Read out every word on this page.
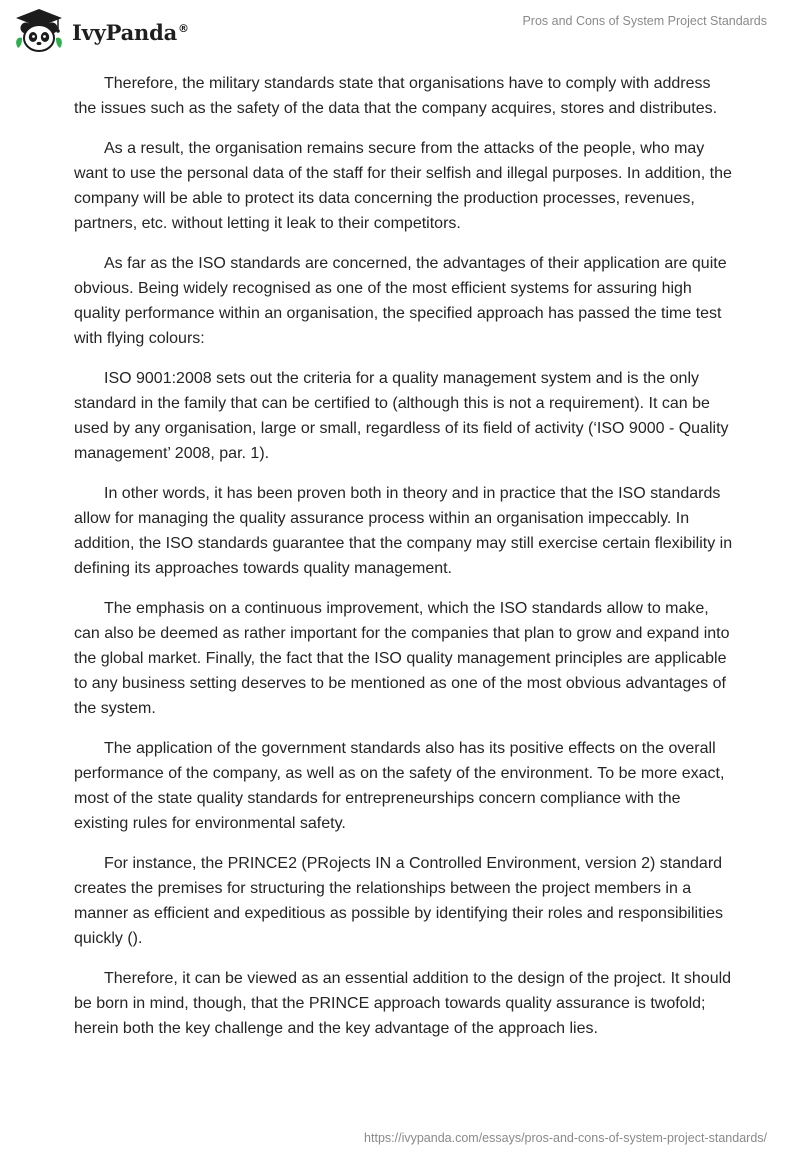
IvyPanda®	Pros and Cons of System Project Standards

Therefore, the military standards state that organisations have to comply with address the issues such as the safety of the data that the company acquires, stores and distributes.

As a result, the organisation remains secure from the attacks of the people, who may want to use the personal data of the staff for their selfish and illegal purposes. In addition, the company will be able to protect its data concerning the production processes, revenues, partners, etc. without letting it leak to their competitors.

As far as the ISO standards are concerned, the advantages of their application are quite obvious. Being widely recognised as one of the most efficient systems for assuring high quality performance within an organisation, the specified approach has passed the time test with flying colours:

ISO 9001:2008 sets out the criteria for a quality management system and is the only standard in the family that can be certified to (although this is not a requirement). It can be used by any organisation, large or small, regardless of its field of activity (‘ISO 9000 - Quality management’ 2008, par. 1).

In other words, it has been proven both in theory and in practice that the ISO standards allow for managing the quality assurance process within an organisation impeccably. In addition, the ISO standards guarantee that the company may still exercise certain flexibility in defining its approaches towards quality management.

The emphasis on a continuous improvement, which the ISO standards allow to make, can also be deemed as rather important for the companies that plan to grow and expand into the global market. Finally, the fact that the ISO quality management principles are applicable to any business setting deserves to be mentioned as one of the most obvious advantages of the system.

The application of the government standards also has its positive effects on the overall performance of the company, as well as on the safety of the environment. To be more exact, most of the state quality standards for entrepreneurships concern compliance with the existing rules for environmental safety.

For instance, the PRINCE2 (PRojects IN a Controlled Environment, version 2) standard creates the premises for structuring the relationships between the project members in a manner as efficient and expeditious as possible by identifying their roles and responsibilities quickly ().

Therefore, it can be viewed as an essential addition to the design of the project. It should be born in mind, though, that the PRINCE approach towards quality assurance is twofold; herein both the key challenge and the key advantage of the approach lies.

https://ivypanda.com/essays/pros-and-cons-of-system-project-standards/
